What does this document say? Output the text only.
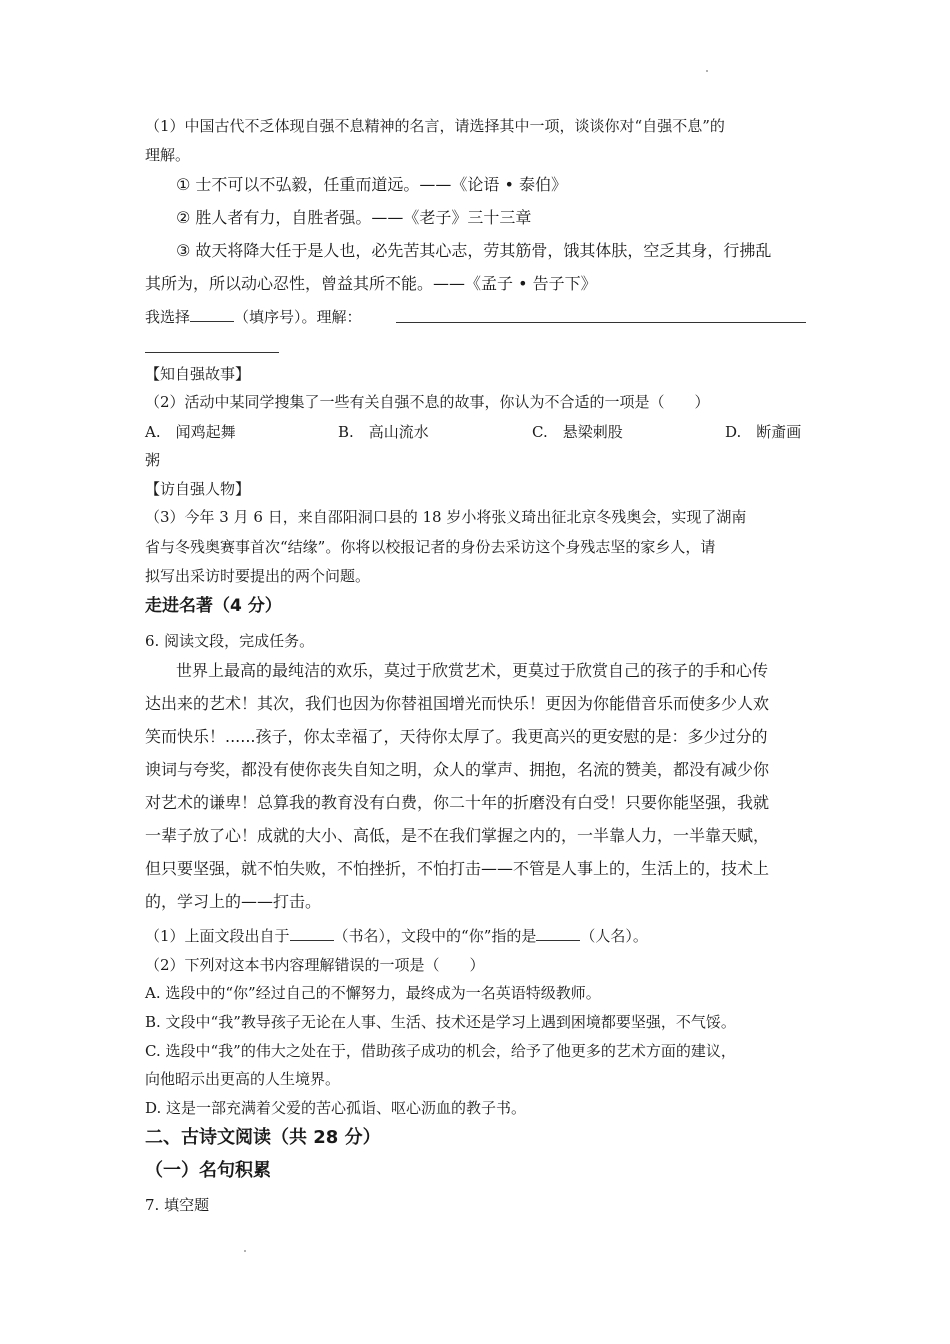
（1）中国古代不乏体现自强不息精神的名言，请选择其中一项，谈谈你对“自强不息”的
理解。
① 士不可以不弘毅，任重而道远。——《论语 • 泰伯》
② 胜人者有力，自胜者强。——《老子》三十三章
③ 故天将降大任于是人也，必先苦其心志，劳其筋骨，饿其体肤，空乏其身，行拂乱
其所为，所以动心忍性，曾益其所不能。——《孟子 • 告子下》
我选择	（填序号）。理解：
【知自强故事】
（2）活动中某同学搜集了一些有关自强不息的故事，你认为不合适的一项是（　　）
A.　闻鸡起舞	B.　高山流水	C.　悬梁刺股	D.　断齑画
粥
【访自强人物】
（3）今年 3 月 6 日，来自邵阳洞口县的 18 岁小将张义琦出征北京冬残奥会，实现了湖南
省与冬残奥赛事首次“结缘”。你将以校报记者的身份去采访这个身残志坚的家乡人，请
拟写出采访时要提出的两个问题。
走进名著（4 分）
6. 阅读文段，完成任务。
世界上最高的最纯洁的欢乐，莫过于欣赏艺术，更莫过于欣赏自己的孩子的手和心传
达出来的艺术！其次，我们也因为你替祖国增光而快乐！更因为你能借音乐而使多少人欢
笑而快乐！......孩子，你太幸福了，天待你太厚了。我更高兴的更安慰的是：多少过分的
谀词与夸奖，都没有使你丧失自知之明，众人的掌声、拥抱，名流的赞美，都没有减少你
对艺术的谦卑！总算我的教育没有白费，你二十年的折磨没有白受！只要你能坚强，我就
一辈子放了心！成就的大小、高低，是不在我们掌握之内的，一半靠人力，一半靠天赋，
但只要坚强，就不怕失败，不怕挫折，不怕打击——不管是人事上的，生活上的，技术上
的，学习上的——打击。
（1）上面文段出自于	（书名），文段中的“你”指的是	（人名）。
（2）下列对这本书内容理解错误的一项是（　　）
A. 选段中的“你”经过自己的不懈努力，最终成为一名英语特级教师。
B. 文段中“我”教导孩子无论在人事、生活、技术还是学习上遇到困境都要坚强，不气馁。
C. 选段中“我”的伟大之处在于，借助孩子成功的机会，给予了他更多的艺术方面的建议，
向他昭示出更高的人生境界。
D. 这是一部充满着父爱的苦心孤诣、呕心沥血的教子书。
二、古诗文阅读（共 28 分）
（一）名句积累
7. 填空题
